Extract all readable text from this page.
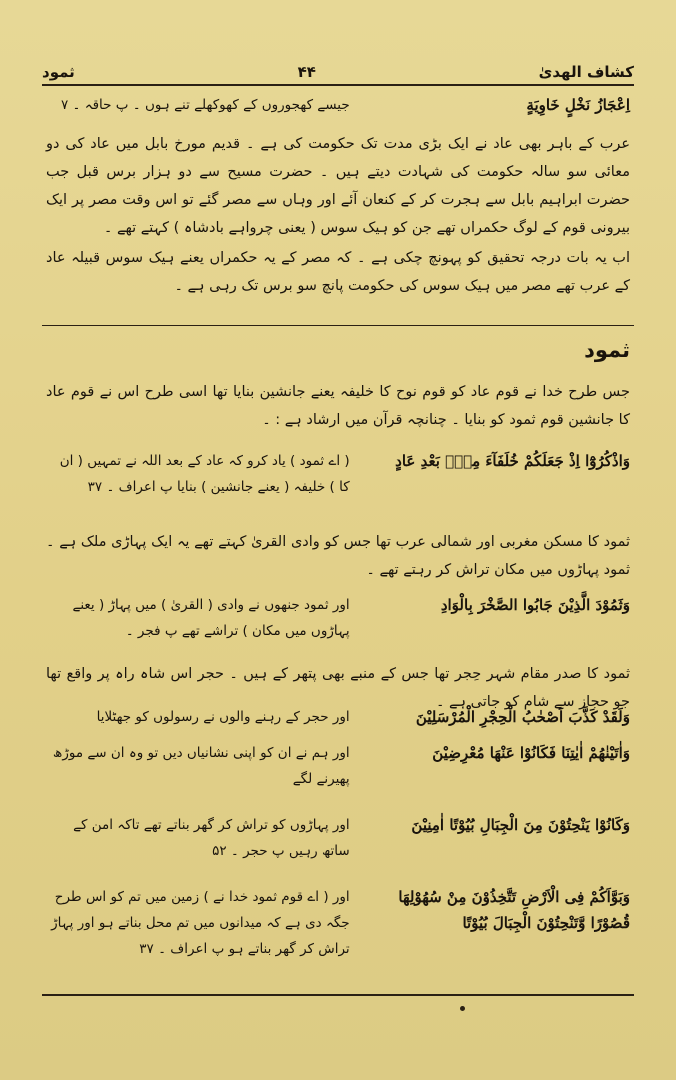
کشاف الهدیٰ
۴۴
ثمود
اِعْجَازُ نَخْلٍ خَاوِیَةٍ
جیسے کھجوروں کے کھوکھلے تنے ہوں ۔ پ حاقہ ۔ ۷

عرب کے باہر بھی عاد نے ایک بڑی مدت تک حکومت کی ہے ۔ قدیم مورخ بابل میں عاد کی دو معائی سو سالہ حکومت کی شہادت دیتے ہیں ۔ حضرت مسیح سے دو ہزار برس قبل جب حضرت ابراہیم بابل سے ہجرت کر کے کنعان آئے اور وہاں سے مصر گئے تو اس وقت مصر پر ایک بیرونی قوم کے لوگ حکمراں تھے جن کو ہیک سوس ( یعنی چرواہے بادشاہ ) کہتے تھے ۔

اب یہ بات درجہ تحقیق کو پہونچ چکی ہے ۔ کہ مصر کے یہ حکمراں یعنے ہیک سوس قبیلہ عاد کے عرب تھے مصر میں ہیک سوس کی حکومت پانچ سو برس تک رہی ہے ۔

ثمود

جس طرح خدا نے قوم عاد کو قوم نوح کا خلیفہ یعنے جانشین بنایا تھا اسی طرح اس نے قوم عاد کا جانشین قوم ثمود کو بنایا ۔ چنانچہ قرآن میں ارشاد ہے : ۔

وَاذْكُرُوْٓا اِذْ جَعَلَكُمْ خُلَفَآءَ مِنْۢ بَعْدِ عَادٍ
( اے ثمود ) یاد کرو کہ عاد کے بعد اللہ نے تمہیں ( ان کا ) خلیفہ ( یعنے جانشین ) بنایا پ اعراف ۔ ۳۷

ثمود کا مسکن مغربی اور شمالی عرب تھا جس کو وادی القریٰ کہتے تھے یہ ایک پہاڑی ملک ہے ۔ ثمود پہاڑوں میں مکان تراش کر رہتے تھے ۔

وَثَمُوْدَ الَّذِیْنَ جَابُوا الصَّخْرَ بِالْوَادِ
اور ثمود جنھوں نے وادی ( القریٰ ) میں پہاڑ ( یعنے پہاڑوں میں مکان ) تراشے تھے پ فجر ۔

ثمود کا صدر مقام شہر حِجر تھا جس کے منبے بھی پتھر کے ہیں ۔ حجر اس شاہ راہ پر واقع تھا جو حجاز سے شام کو جاتی ہے ۔

وَلَقَدْ كَذَّبَ اَصْحٰبُ الْحِجْرِ الْمُرْسَلِیْنَ
اور حجر کے رہنے والوں نے رسولوں کو جھٹلایا
وَاٰتَیْنٰهُمْ اٰیٰتِنَا فَكَانُوْا عَنْهَا مُعْرِضِیْنَ
اور ہم نے ان کو اپنی نشانیاں دیں تو وہ ان سے موڑھ پھیرنے لگے
وَكَانُوْا یَنْحِتُوْنَ مِنَ الْجِبَالِ بُیُوْتًا اٰمِنِیْنَ
اور پہاڑوں کو تراش کر گھر بناتے تھے تاکہ امن کے ساتھ رہیں پ حجر ۔ ۵۲
وَبَوَّاَكُمْ فِی الْاَرْضِ تَتَّخِذُوْنَ مِنْ سُهُوْلِهَا قُصُوْرًا وَّتَنْحِتُوْنَ الْجِبَالَ بُیُوْتًا
اور ( اے قوم ثمود خدا نے ) زمین میں تم کو اس طرح جگہ دی ہے کہ میدانوں میں تم محل بناتے ہو اور پہاڑ تراش کر گھر بناتے ہو پ اعراف ۔ ۳۷
